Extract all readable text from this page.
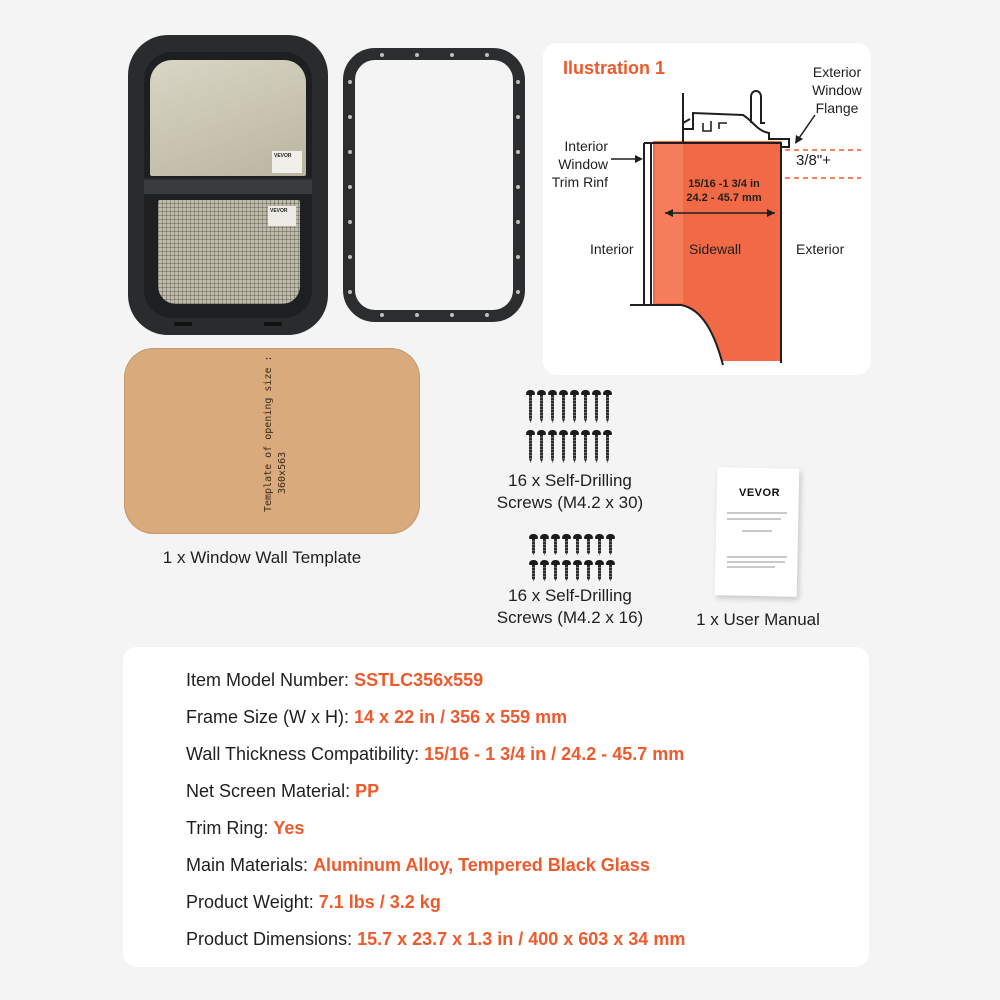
VEVOR
VEVOR
Template of opening size : 360x563
1 x Window Wall Template
16 x Self-Drilling
Screws (M4.2 x 30)
16 x Self-Drilling
Screws (M4.2 x 16)
VEVOR
1 x User Manual
Ilustration 1	Exterior
Window
Flange
Interior
Window
Trim Rinf	15/16 -1 3/4 in
24.2 - 45.7 mm
3/8"+
Interior	Sidewall	Exterior
Item Model Number: SSTLC356x559
Frame Size (W x H): 14 x 22 in / 356 x 559 mm
Wall Thickness Compatibility: 15/16 - 1 3/4 in / 24.2 - 45.7 mm
Net Screen Material: PP
Trim Ring: Yes
Main Materials: Aluminum Alloy, Tempered Black Glass
Product Weight: 7.1 lbs / 3.2 kg
Product Dimensions: 15.7 x 23.7 x 1.3 in / 400 x 603 x 34 mm
